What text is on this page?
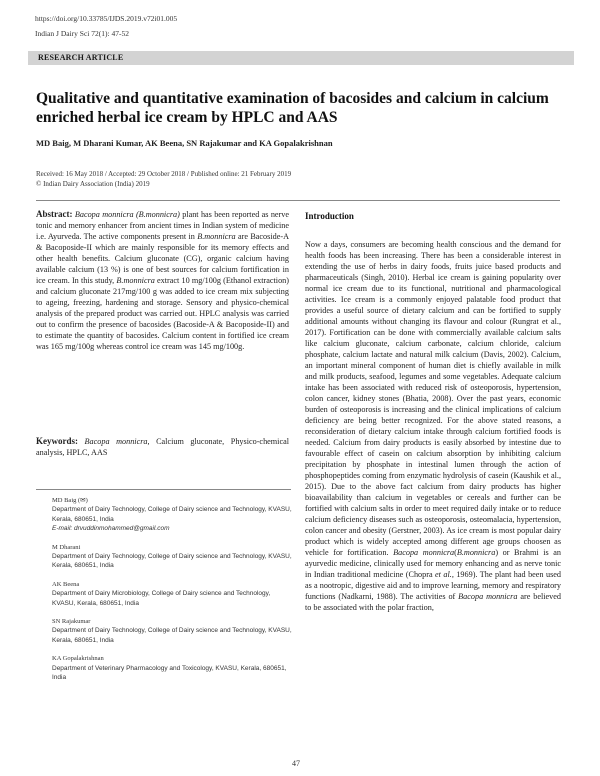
https://doi.org/10.33785/IJDS.2019.v72i01.005
Indian J Dairy Sci 72(1): 47-52
RESEARCH ARTICLE
Qualitative and quantitative examination of bacosides and calcium in calcium enriched herbal ice cream by HPLC and AAS
MD Baig, M Dharani Kumar, AK Beena, SN Rajakumar and KA Gopalakrishnan
Received: 16 May 2018 / Accepted: 29 October 2018 / Published online: 21 February 2019
© Indian Dairy Association (India) 2019
Abstract: Bacopa monnicra (B.monnicra) plant has been reported as nerve tonic and memory enhancer from ancient times in Indian system of medicine i.e. Ayurveda. The active components present in B.monnicra are Bacoside-A & Bacoposide-II which are mainly responsible for its memory effects and other health benefits. Calcium gluconate (CG), organic calcium having available calcium (13 %) is one of best sources for calcium fortification in ice cream. In this study, B.monnicra extract 10 mg/100g (Ethanol extraction) and calcium gluconate 217mg/100 g was added to ice cream mix subjecting to ageing, freezing, hardening and storage. Sensory and physico-chemical analysis of the prepared product was carried out. HPLC analysis was carried out to confirm the presence of bacosides (Bacoside-A & Bacoposide-II) and to estimate the quantity of bacosides. Calcium content in fortified ice cream was 165 mg/100g whereas control ice cream was 145 mg/100g.
Keywords: Bacopa monnicra, Calcium gluconate, Physico-chemical analysis, HPLC, AAS
MD Baig (✉)
Department of Dairy Technology, College of Dairy science and Technology, KVASU, Kerala, 680651, India
E-mail: drvuddinmohammed@gmail.com
M Dharani
Department of Dairy Technology, College of Dairy science and Technology, KVASU, Kerala, 680651, India
AK Beena
Department of Dairy Microbiology, College of Dairy science and Technology, KVASU, Kerala, 680651, India
SN Rajakumar
Department of Dairy Technology, College of Dairy science and Technology, KVASU, Kerala, 680651, India
KA Gopalakrishnan
Department of Veterinary Pharmacology and Toxicology, KVASU, Kerala, 680651, India
Introduction
Now a days, consumers are becoming health conscious and the demand for health foods has been increasing. There has been a considerable interest in extending the use of herbs in dairy foods, fruits juice based products and pharmaceuticals (Singh, 2010). Herbal ice cream is gaining popularity over normal ice cream due to its functional, nutritional and pharmacological activities. Ice cream is a commonly enjoyed palatable food product that provides a useful source of dietary calcium and can be fortified to supply additional amounts without changing its flavour and colour (Rungrat et al., 2017). Fortification can be done with commercially available calcium salts like calcium gluconate, calcium carbonate, calcium chloride, calcium phosphate, calcium lactate and natural milk calcium (Davis, 2002). Calcium, an important mineral component of human diet is chiefly available in milk and milk products, seafood, legumes and some vegetables. Adequate calcium intake has been associated with reduced risk of osteoporosis, hypertension, colon cancer, kidney stones (Bhatia, 2008). Over the past years, economic burden of osteoporosis is increasing and the clinical implications of calcium deficiency are being better recognized. For the above stated reasons, a reconsideration of dietary calcium intake through calcium fortified foods is needed. Calcium from dairy products is easily absorbed by intestine due to favourable effect of casein on calcium absorption by inhibiting calcium precipitation by phosphate in intestinal lumen through the action of phosphopeptides coming from enzymatic hydrolysis of casein (Kaushik et al., 2015). Due to the above fact calcium from dairy products has higher bioavailability than calcium in vegetables or cereals and further can be fortified with calcium salts in order to meet required daily intake or to reduce calcium deficiency diseases such as osteoporosis, osteomalacia, hypertension, colon cancer and obesity (Gerstner, 2003). As ice cream is most popular dairy product which is widely accepted among different age groups choosen as vehicle for fortification. Bacopa monnicra(B.monnicra) or Brahmi is an ayurvedic medicine, clinically used for memory enhancing and as nerve tonic in Indian traditional medicine (Chopra et al., 1969). The plant had been used as a nootropic, digestive aid and to improve learning, memory and respiratory functions (Nadkarni, 1988). The activities of Bacopa monnicra are believed to be associated with the polar fraction,
47
